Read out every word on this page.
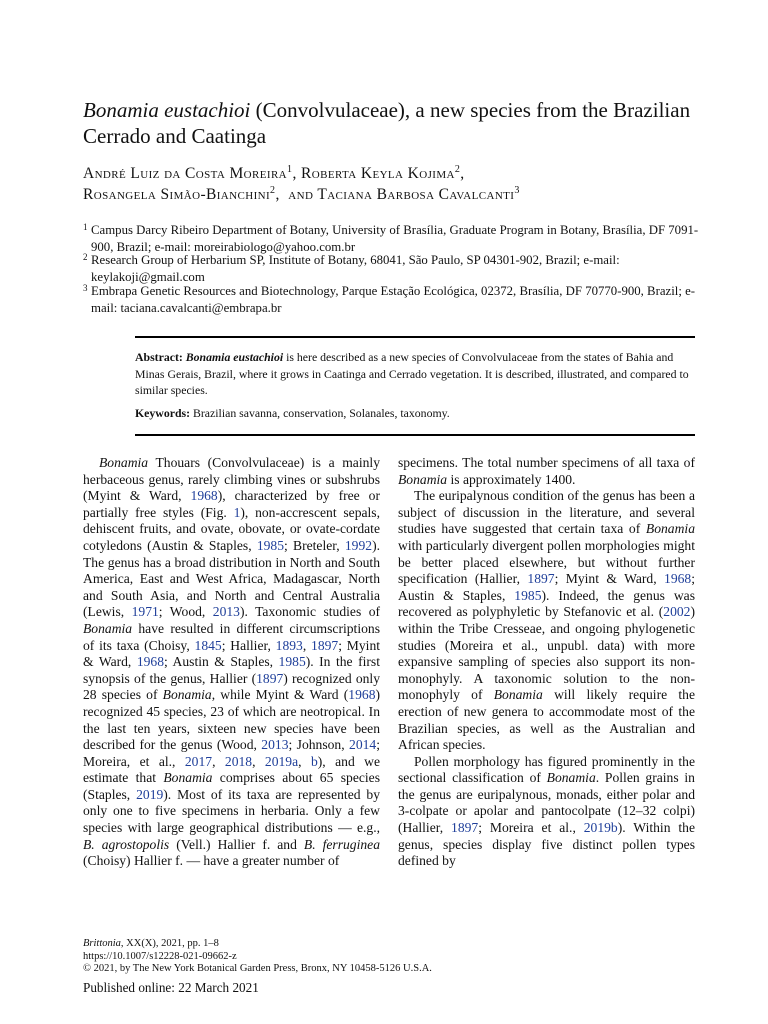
Bonamia eustachioi (Convolvulaceae), a new species from the Brazilian Cerrado and Caatinga
André Luiz da Costa Moreira$^1$, Roberta Keyla Kojima$^2$,
Rosangela Simão-Bianchini$^2$,  and Taciana Barbosa Cavalcanti$^3$
1 Campus Darcy Ribeiro Department of Botany, University of Brasília, Graduate Program in Botany, Brasília, DF 7091-900, Brazil; e-mail: moreirabiologo@yahoo.com.br
2 Research Group of Herbarium SP, Institute of Botany, 68041, São Paulo, SP 04301-902, Brazil; e-mail: keylakoji@gmail.com
3 Embrapa Genetic Resources and Biotechnology, Parque Estação Ecológica, 02372, Brasília, DF 70770-900, Brazil; e-mail: taciana.cavalcanti@embrapa.br
Abstract: Bonamia eustachioi is here described as a new species of Convolvulaceae from the states of Bahia and Minas Gerais, Brazil, where it grows in Caatinga and Cerrado vegetation. It is described, illustrated, and compared to similar species.
Keywords: Brazilian savanna, conservation, Solanales, taxonomy.

Bonamia Thouars (Convolvulaceae) is a mainly herbaceous genus, rarely climbing vines or subshrubs (Myint & Ward, 1968), characterized by free or partially free styles (Fig. 1), non-accrescent sepals, dehiscent fruits, and ovate, obovate, or ovate-cordate cotyledons (Austin & Staples, 1985; Breteler, 1992). The genus has a broad distribution in North and South America, East and West Africa, Madagascar, North and South Asia, and North and Central Australia (Lewis, 1971; Wood, 2013). Taxonomic studies of Bonamia have resulted in different circumscriptions of its taxa (Choisy, 1845; Hallier, 1893, 1897; Myint & Ward, 1968; Austin & Staples, 1985). In the first synopsis of the genus, Hallier (1897) recognized only 28 species of Bonamia, while Myint & Ward (1968) recognized 45 species, 23 of which are neotropical. In the last ten years, sixteen new species have been described for the genus (Wood, 2013; Johnson, 2014; Moreira, et al., 2017, 2018, 2019a, b), and we estimate that Bonamia comprises about 65 species (Staples, 2019). Most of its taxa are represented by only one to five specimens in herbaria. Only a few species with large geographical distributions — e.g., B. agrostopolis (Vell.) Hallier f. and B. ferruginea (Choisy) Hallier f. — have a greater number of

specimens. The total number specimens of all taxa of Bonamia is approximately 1400.

The euripalynous condition of the genus has been a subject of discussion in the literature, and several studies have suggested that certain taxa of Bonamia with particularly divergent pollen morphologies might be better placed elsewhere, but without further specification (Hallier, 1897; Myint & Ward, 1968; Austin & Staples, 1985). Indeed, the genus was recovered as polyphyletic by Stefanovic et al. (2002) within the Tribe Cresseae, and ongoing phylogenetic studies (Moreira et al., unpubl. data) with more expansive sampling of species also support its non-monophyly. A taxonomic solution to the non-monophyly of Bonamia will likely require the erection of new genera to accommodate most of the Brazilian species, as well as the Australian and African species.

Pollen morphology has figured prominently in the sectional classification of Bonamia. Pollen grains in the genus are euripalynous, monads, either polar and 3-colpate or apolar and pantocolpate (12–32 colpi) (Hallier, 1897; Moreira et al., 2019b). Within the genus, species display five distinct pollen types defined by

Brittonia, XX(X), 2021, pp. 1–8
https://10.1007/s12228-021-09662-z
© 2021, by The New York Botanical Garden Press, Bronx, NY 10458-5126 U.S.A.
Published online: 22 March 2021
